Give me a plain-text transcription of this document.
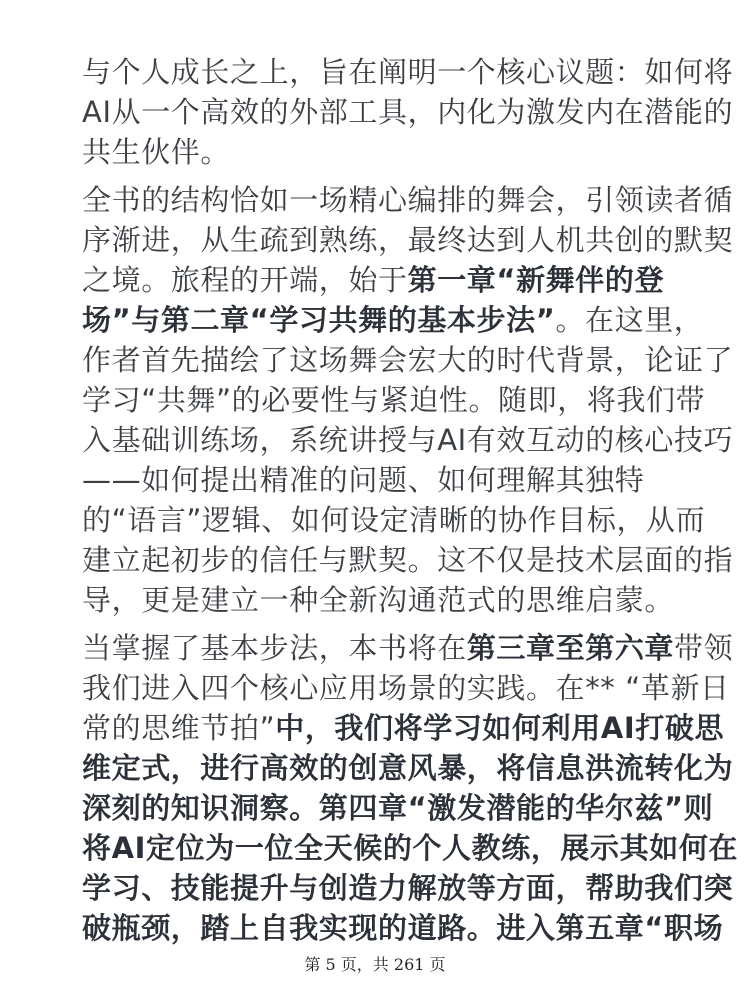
与个人成长之上，旨在阐明一个核心议题：如何将
AI从一个高效的外部工具，内化为激发内在潜能的
共生伙伴。
全书的结构恰如一场精心编排的舞会，引领读者循
序渐进，从生疏到熟练，最终达到人机共创的默契
之境。旅程的开端，始于第一章“新舞伴的登
场”与第二章“学习共舞的基本步法”。在这里，
作者首先描绘了这场舞会宏大的时代背景，论证了
学习“共舞”的必要性与紧迫性。随即，将我们带
入基础训练场，系统讲授与AI有效互动的核心技巧
——如何提出精准的问题、如何理解其独特
的“语言”逻辑、如何设定清晰的协作目标，从而
建立起初步的信任与默契。这不仅是技术层面的指
导，更是建立一种全新沟通范式的思维启蒙。
当掌握了基本步法，本书将在第三章至第六章带领
我们进入四个核心应用场景的实践。在** “革新日
常的思维节拍”中，我们将学习如何利用AI打破思
维定式，进行高效的创意风暴，将信息洪流转化为
深刻的知识洞察。第四章“激发潜能的华尔兹”则
将AI定位为一位全天候的个人教练，展示其如何在
学习、技能提升与创造力解放等方面，帮助我们突
破瓶颈，踏上自我实现的道路。进入第五章“职场
第 5 页，共 261 页
